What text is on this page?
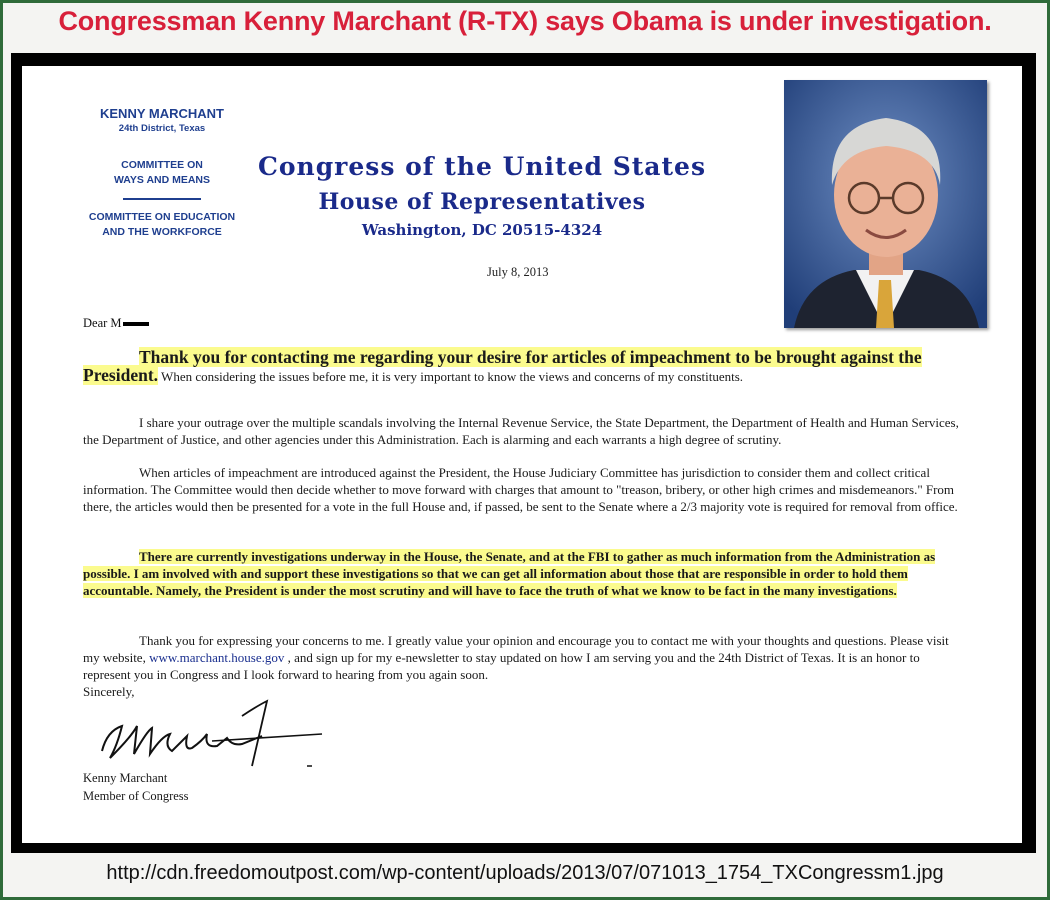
Congressman Kenny Marchant (R-TX) says Obama is under investigation.
KENNY MARCHANT
24th District, Texas
COMMITTEE ON
WAYS AND MEANS
COMMITTEE ON EDUCATION
AND THE WORKFORCE
Congress of the United States
House of Representatives
Washington, DC 20515-4324
July 8, 2013
Dear M
Thank you for contacting me regarding your desire for articles of impeachment to be brought against the President. When considering the issues before me, it is very important to know the views and concerns of my constituents.
I share your outrage over the multiple scandals involving the Internal Revenue Service, the State Department, the Department of Health and Human Services, the Department of Justice, and other agencies under this Administration. Each is alarming and each warrants a high degree of scrutiny.
When articles of impeachment are introduced against the President, the House Judiciary Committee has jurisdiction to consider them and collect critical information. The Committee would then decide whether to move forward with charges that amount to "treason, bribery, or other high crimes and misdemeanors." From there, the articles would then be presented for a vote in the full House and, if passed, be sent to the Senate where a 2/3 majority vote is required for removal from office.
There are currently investigations underway in the House, the Senate, and at the FBI to gather as much information from the Administration as possible. I am involved with and support these investigations so that we can get all information about those that are responsible in order to hold them accountable. Namely, the President is under the most scrutiny and will have to face the truth of what we know to be fact in the many investigations.
Thank you for expressing your concerns to me. I greatly value your opinion and encourage you to contact me with your thoughts and questions. Please visit my website, www.marchant.house.gov , and sign up for my e-newsletter to stay updated on how I am serving you and the 24th District of Texas. It is an honor to represent you in Congress and I look forward to hearing from you again soon.
Sincerely,
Kenny Marchant
Member of Congress
http://cdn.freedomoutpost.com/wp-content/uploads/2013/07/071013_1754_TXCongressm1.jpg
